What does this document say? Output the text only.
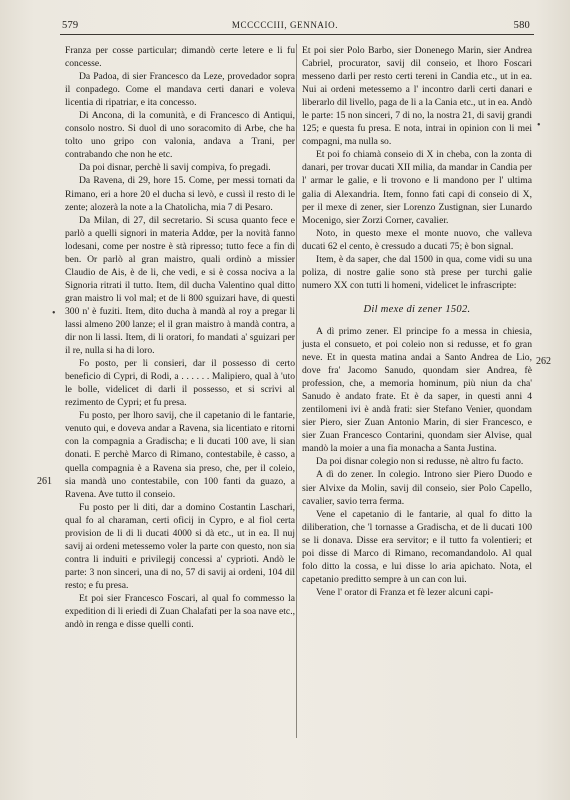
579	MCCCCCIII, GENNAIO.	580
261
262
•
•

Franza per cosse particular; dimandò certe letere e li fu concesse.

Da Padoa, di sier Francesco da Leze, provedador sopra il conpadego. Come el mandava certi danari e voleva licentia di ripatriar, e ita concesso.

Di Ancona, di la comunità, e di Francesco di Antiqui, consolo nostro. Si duol di uno soracomito di Arbe, che ha tolto uno gripo con valonia, andava a Trani, per contrabando che non he etc.

Da poi disnar, perchè li savij compiva, fo pregadi.

Da Ravena, di 29, hore 15. Come, per messi tornati da Rimano, eri a hore 20 el ducha si levò, e cussì il resto di le zente; alozerà la note a la Chatolicha, mia 7 di Pesaro.

Da Milan, di 27, dil secretario. Si scusa quanto fece e parlò a quelli signori in materia Addœ, per la novità fanno lodesani, come per nostre è stà ripresso; tutto fece a fin di ben. Or parlò al gran maistro, quali ordinò a missier Claudio de Ais, è de li, che vedi, e si è cossa nociva a la Signoria ritrati il tutto. Item, dil ducha Valentino qual ditto gran maistro li vol mal; et de li 800 sguizari have, di questi 300 n' è fuziti. Item, dito ducha à mandà al roy a pregar li lassi almeno 200 lanze; el il gran maistro à mandà contra, a dir non li lassi. Item, di li oratori, fo mandati a' sguizari per il re, nulla si ha di loro.

Fo posto, per li consieri, dar il possesso di certo beneficio di Cypri, di Rodi, a . . . . . . Malipiero, qual à 'uto le bolle, videlicet di darli il possesso, et si scrivi al rezimento de Cypri; et fu presa.

Fu posto, per lhoro savij, che il capetanio di le fantarie, venuto qui, e doveva andar a Ravena, sia licentiato e ritorni con la compagnia a Gradischa; e li ducati 100 ave, li sian donati. E perchè Marco di Rimano, contestabile, è casso, a quella compagnia è a Ravena sia preso, che, per il coleio, sia mandà uno contestabile, con 100 fanti da guazo, a Ravena. Ave tutto il conseio.

Fu posto per li diti, dar a domino Costantin Laschari, qual fo al charaman, certi oficij in Cypro, e al fiol certa provision de li di li ducati 4000 si dà etc., ut in ea. Il nuj savij ai ordeni metessemo voler la parte con questo, non sia contra li induiti e privilegij concessi a' cyprioti. Andò le parte: 3 non sinceri, una di no, 57 di savij ai ordeni, 104 dil resto; e fu presa.

Et poi sier Francesco Foscari, al qual fo commesso la expedition di li eriedi di Zuan Chalafati per la soa nave etc., andò in renga e disse quelli conti.

Et poi sier Polo Barbo, sier Donenego Marin, sier Andrea Cabriel, procurator, savij dil conseio, et lhoro Foscari messeno darli per resto certi tereni in Candia etc., ut in ea. Nui ai ordeni metessemo a l' incontro darli certi danari e liberarlo dil livello, paga de li a la Cania etc., ut in ea. Andò le parte: 15 non sinceri, 7 di no, la nostra 21, di savij grandi 125; e questa fu presa. E nota, intrai in opinion con li mei compagni, ma nulla so.

Et poi fo chiamà conseio di X in cheba, con la zonta di danari, per trovar ducati XII milia, da mandar in Candia per l' armar le galie, e li trovono e li mandono per l' ultima galia di Alexandria. Item, fonno fati capi di conseio di X, per il mexe di zener, sier Lorenzo Zustignan, sier Lunardo Mocenigo, sier Zorzi Corner, cavalier.

Noto, in questo mexe el monte nuovo, che valleva ducati 62 el cento, è cressudo a ducati 75; è bon signal.

Item, è da saper, che dal 1500 in qua, come vidi su una poliza, di nostre galie sono stà prese per turchi galie numero XX con tutti li homeni, videlicet le infrascripte:

Dil mexe di zener 1502.

A dì primo zener. El principe fo a messa in chiesia, justa el consueto, et poi coleio non si redusse, et fo gran neve. Et in questa matina andai a Santo Andrea de Lio, dove fra' Jacomo Sanudo, quondam sier Andrea, fè profession, che, a memoria hominum, più niun da cha' Sanudo è andato frate. Et è da saper, in questi anni 4 zentilomeni ivi è andà frati: sier Stefano Venier, quondam sier Piero, sier Zuan Antonio Marin, di sier Francesco, e sier Zuan Francesco Contarini, quondam sier Alvise, qual mandò la moier a una fia monacha a Santa Justina.

Da poi disnar colegio non si redusse, nè altro fu facto.

A dì do zener. In colegio. Introno sier Piero Duodo e sier Alvixe da Molin, savij dil conseio, sier Polo Capello, cavalier, savio terra ferma.

Vene el capetanio di le fantarie, al qual fo ditto la diliberation, che 'l tornasse a Gradischa, et de li ducati 100 se li donava. Disse era servitor; e il tutto fa volentieri; et poi disse di Marco di Rimano, recomandandolo. Al qual folo ditto la cossa, e lui disse lo aria apichato. Nota, el capetanio preditto sempre à un can con lui.

Vene l' orator di Franza et fè lezer alcuni capi-
